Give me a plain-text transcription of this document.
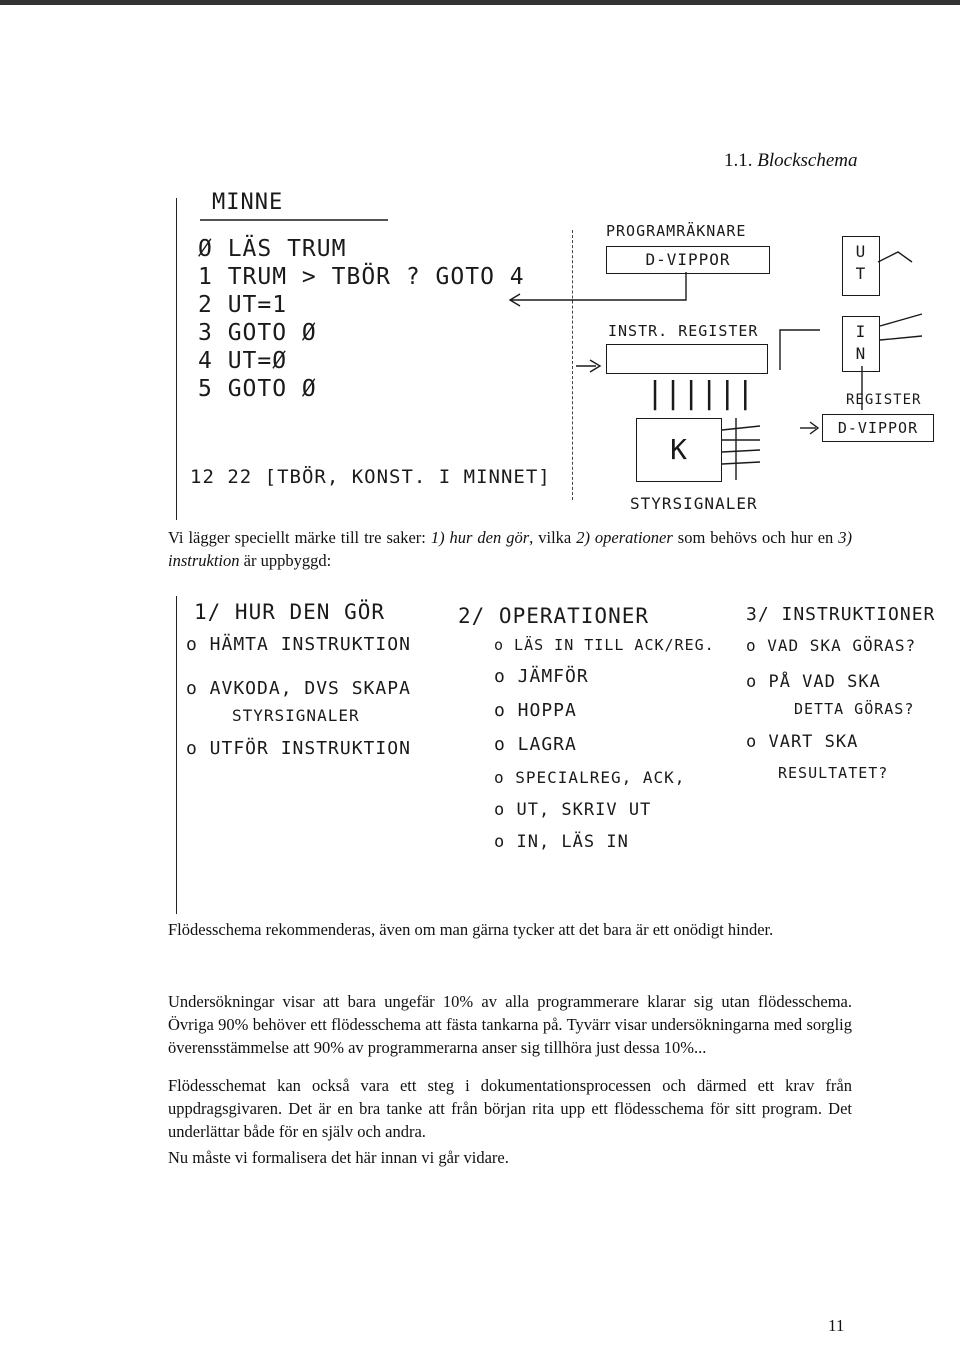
1.1. Blockschema
MINNE
Ø LÄS TRUM
1 TRUM > TBÖR ? GOTO 4
2 UT=1
3 GOTO Ø
4 UT=Ø
5 GOTO Ø
12 22 [TBÖR, KONST. I MINNET]
PROGRAMRÄKNARE
D-VIPPOR
INSTR. REGISTER
||||||
K
STYRSIGNALER
U
T
I
N
REGISTER
D-VIPPOR

Vi lägger speciellt märke till tre saker: 1) hur den gör, vilka 2) operationer som behövs och hur en 3) instruktion är uppbyggd:

1/ HUR DEN GÖR
o HÄMTA INSTRUKTION
o AVKODA, DVS SKAPA
STYRSIGNALER
o UTFÖR INSTRUKTION
2/ OPERATIONER
o LÄS IN TILL ACK/REG.
o JÄMFÖR
o HOPPA
o LAGRA
o SPECIALREG, ACK,
o UT, SKRIV UT
o IN, LÄS IN
3/ INSTRUKTIONER
o VAD SKA GÖRAS?
o PÅ VAD SKA
DETTA GÖRAS?
o VART SKA
RESULTATET?

Flödesschema rekommenderas, även om man gärna tycker att det bara är ett onödigt hinder.

Undersökningar visar att bara ungefär 10% av alla programmerare klarar sig utan flödesschema. Övriga 90% behöver ett flödesschema att fästa tankarna på. Tyvärr visar undersökningarna med sorglig överensstämmelse att 90% av programmerarna anser sig tillhöra just dessa 10%...

Flödesschemat kan också vara ett steg i dokumentationsprocessen och därmed ett krav från uppdragsgivaren. Det är en bra tanke att från början rita upp ett flödesschema för sitt program. Det underlättar både för en själv och andra.

Nu måste vi formalisera det här innan vi går vidare.

11
